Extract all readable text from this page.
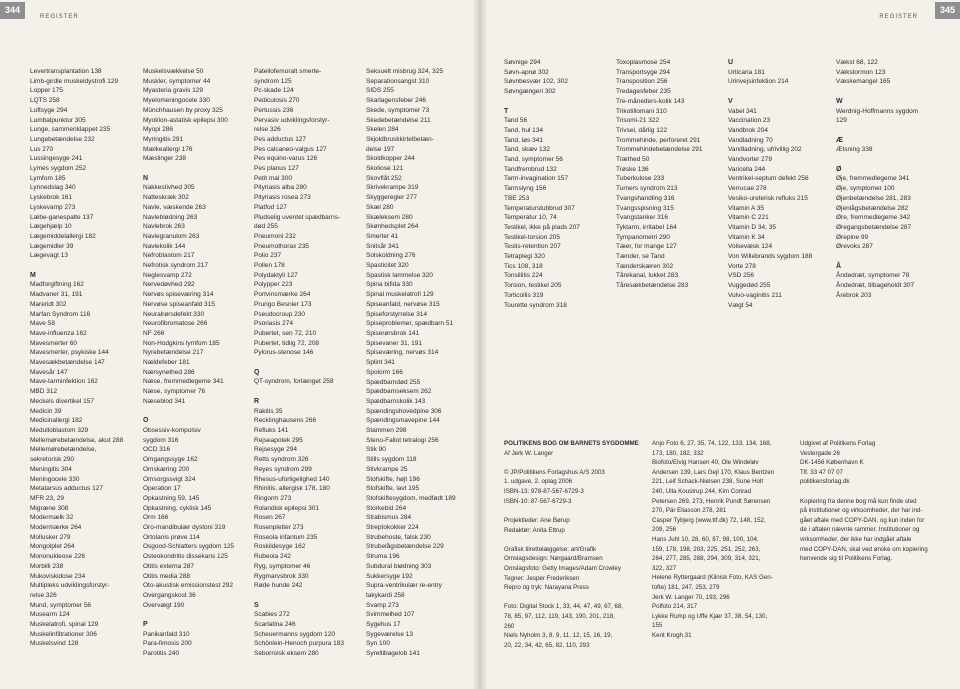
344
REGISTER
Levertransplantation 138
Limb-girdle muskeldystrofi 129
Lopper 175
LQTS 258
Luftsyge 294
Lumbalpunktur 305
Lunge, sammenklappet 235
Lungebetændelse 232
Lus 270
Lussingesyge 241
Lymes sygdom 252
Lymfom 185
Lynnedslag 340
Lyskebrok 161
Lyskevamp 273
Læbe-ganespalte 137
Lægehjælp 10
Lægemiddelallergi 182
Lægemidler 39
Lægevagt 13
M
Madforgiftning 162
Madvaner 31, 191
Mareridt 302
Marfan Syndrom 116
Mave 58
Mave-influenza 162
Mavesmerter 60
Mavesmerter, psykiske 144
Mavesækbetændelse 147
Mavesår 147
Mave-tarminfektion 162
MBD 312
Meckels divertikel 157
Medicin 39
Medicinallergi 182
Medulloblastom 329
Mellemørebetændelse, akut 288
Mellemørebetændelse,
sekretorisk 290
Meningitis 304
Meningocele 330
Metatarsus adductus 127
MFR 23, 29
Migræne 308
Modermælk 32
Modermærke 264
Mollusker 279
Mongolplet 264
Mononukleose 226
Morbilli 238
Mukoviskidose 234
Multipleks udviklingsforstyr-
relse 326
Mund, symptomer 56
Musearm 124
Muskelatrofi, spinal 129
Muskelinfiltrationer 306
Muskelsvind 128
Muskelsvækkelse 50
Muskler, symptomer 44
Myasteria gravis 129
Myelomeningocele 330
Münchhausen by proxy 325
Myoklon-astatisk epilepsi 300
Myopi 286
Myringitis 291
Mælkeallergi 176
Mæslinger 238
N
Nakkestivhed 305
Natteskræk 302
Navle, væskende 263
Navleblødning 263
Navlebrok 263
Navlegranulom 263
Navlekolik 144
Nefroblastom 217
Nefrotisk syndrom 217
Neglesvamp 272
Nervedøvhed 292
Nervøs spiseværing 314
Nervøse spiseanfald 315
Neuralrørsdefekt 330
Neurofibromatose 266
NF 266
Non-Hodgkins lymfom 185
Nyrebetændelse 217
Nældefeber 181
Nærsynethed 286
Næse, fremmedlegeme 341
Næse, symptomer 76
Næseblod 341
O
Obsessiv-kompulsiv
sygdom 316
OCD 316
Omgangssyge 162
Omskæring 200
Omsorgssvigt 324
Operation 17
Opkastning 59, 145
Opkastning, cyklisk 145
Orm 166
Oro-mandibulær dystoni 319
Ortolanis prøve 114
Osgood-Schlatters sygdom 125
Osteokondritis dissekans 125
Otitis externa 287
Otitis media 288
Oto-akustisk emissionstest 292
Overgangskost 36
Overvægt 190
P
Panikanfald 310
Para-fimosis 200
Parotitis 240
Patellofemoralt smerte-
syndrom 125
Pc-skade 124
Pediculosis 270
Pertussis 236
Pervasiv udviklingsforstyr-
relse 326
Pes adductus 127
Pes calcaneo-valgus 127
Pes equino-varus 126
Pes planus 127
Petit mal 300
Pityriasis alba 280
Pityriasis rosea 273
Platfod 127
Pludselig uventet spædbarns-
død 255
Pneumoni 232
Pneumothorax 235
Polio 237
Pollen 178
Polydaktyli 127
Polypper 223
Portvinsmærke 264
Prurigo Besnier 173
Pseudocroup 230
Psoriasis 274
Pubertet, sen 72, 210
Pubertet, tidlig 72, 208
Pylorus-stenose 146
Q
QT-syndrom, forlænget 258
R
Rakitis 35
Recklinghausens 266
Refluks 141
Rejseapotek 295
Rejsesyge 294
Retts syndrom 326
Reyes syndrom 299
Rhesus-uforligelighed 140
Rhinitis, allergisk 178, 180
Ringorm 273
Rolandisk epilepsi 301
Rosen 267
Rosenpletter 273
Roseola infantum 235
Roskildesyge 162
Rubeola 242
Ryg, symptomer 46
Rygmarvsbrok 330
Røde hunde 242
S
Scabies 272
Scarlatina 246
Scheuermanns sygdom 120
Schönlein-Henoch purpura 183
Seborroisk eksem 280
Seksuelt misbrug 324, 325
Separationsangst 310
SIDS 255
Skarlagensfeber 246
Skede, symptomer 73
Skedebetændelse 211
Skelen 284
Skjoldbruskkirtelbetæn-
delse 197
Skoldkopper 244
Skoliose 121
Skovflåt 252
Skrivekrampe 319
Skyggeregler 277
Skæl 280
Skæleksem 280
Skønhedsplet 264
Smerter 41
Snitsår 341
Solskoldning 276
Spasticitet 320
Spastisk lammelse 320
Spina bifida 330
Spinal muskelatrofi 129
Spiseanfald, nervøse 315
Spiseforstyrrelse 314
Spiseproblemer, spædbarn 51
Spiserørsbrok 141
Spisevaner 31, 191
Spiseværing, nervøs 314
Splint 341
Spolorm 166
Spædbarndød 255
Spædbarnseksem 262
Spædbarnskolik 143
Spændingshovedpine 306
Spændingsmavepine 144
Stammen 298
Steno-Fallot tetralogi 256
Stik 90
Stills sygdom 118
Stivkrampe 25
Stofskifte, højt 196
Stofskifte, lavt 195
Stofskiftesygdom, medfødt 189
Storkebid 264
Strabismus 284
Streptokokker 224
Strubehoste, falsk 230
Strubelågsbetændelse 229
Struma 196
Subdural blødning 303
Sukkersyge 192
Supra-ventrikulær re-entry
takykardi 258
Svamp 273
Svimmelhed 107
Sygehus 17
Sygeværelse 13
Syn 100
Syreltibagelob 141
345
REGISTER
Søvnige 294
Søvn-apnø 302
Søvnbesvær 102, 302
Søvngængeri 302
T
Tand 56
Tand, hul 134
Tand, løs 341
Tand, skæv 132
Tand, symptomer 56
Tandfrembrud 132
Tarm-invagination 157
Tarmslyng 156
TBE 253
Temperaturstubbrud 307
Temperatur 10, 74
Testikel, ikke på plads 207
Testikel-torsion 205
Testis-retention 207
Tetraplegi 320
Tics 108, 318
Tonsillitis 224
Torsion, testikel 205
Torticollis 319
Tourette syndrom 318
Toxoplasmose 254
Transportsyge 294
Transposition 256
Tredagesfeber 235
Tre-måneders-kolik 143
Trikotillomani 310
Trisomi-21 322
Trivsel, dårlig 122
Trommehinde, perforeret 291
Trommehindebetændelse 291
Træthed 50
Trøske 136
Tuberkulose 233
Turners syndrom 213
Tvangshandling 316
Tvangsspisning 315
Tvangstanker 316
Tyktarm, irritabel 164
Tympanometri 290
Tæer, for mange 127
Tænder, se Tand
Tænderskæren 302
Tårekanal, lukket 283
Tåresækbetændelse 283
U
Urticaria 181
Urinvejsinfektion 214
V
Vabel 341
Vaccination 23
Vandbrok 204
Vandladning 70
Vandladning, ufrivillig 202
Vandvorter 279
Varicella 244
Ventrikel-septum defekt 256
Verrucae 278
Vesiko-ureterisk refluks 215
Vitamin A 35
Vitamin C 221
Vitamin D 34, 35
Vitamin K 34
Volsevæsk 124
Von Willebrands sygdom 188
Vorte 278
VSD 256
Vuggedød 255
Vulvo-vaginitis 211
Vægt 54
Vækst 68, 122
Vækstormon 123
Væskemangel 165
W
Werdnig-Hoffmanns sygdom
129
Æ
Ætsning 338
Ø
Øje, fremmedlegeme 341
Øje, symptomer 100
Øjenbetændelse 281, 283
Øjenlågsbetændelse 282
Øre, fremmedlegeme 342
Øregangsbetændelse 287
Ørepine 99
Ørevoks 287
Å
Åndedræt, symptomer 78
Åndedræt, tilbageholdt 307
Årebrok 203
POLITIKENS BOG OM BARNETS SYGDOMME
Af Jerk W. Langer
© JP/Politikens Forlagshus A/S 2003
1. udgave, 2. oplag 2006
ISBN-13: 978-87-567-6729-3
ISBN-10: 87-567-6729-3
Projektleder: Ane Børup
Redaktør: Anita Ettrup
Grafisk tilrettelæggelse: art/Grafik
Omslagsdesign: Nørgaard/Bramsen
Omslagsfoto: Getty Images/Adam Crowley
Tegner: Jesper Frederiksen
Repro og tryk: Narayana Press
Foto: Digital Stock 1, 33, 44, 47, 49, 67, 68,
78, 85, 97, 112, 119, 143, 190, 201, 218,
260
Niels Nyholm 3, 8, 9, 11, 12, 15, 16, 19,
20, 22, 34, 42, 65, 82, 110, 293
Anjo Foto 6, 27, 35, 74, 122, 133, 134, 168,
173, 180, 182, 332
Biofoto/Elvig Hansen 40, Ole Windeløv
Andersen 139, Lars Gejl 170, Klaus Bentzen
221, Leif Schack-Nielsen 238, Sune Holt
240, Ulla Koustrup 244, Kim Conrad
Petersen 269, 273, Henrik Pundt Sørensen
270, Pär Eliasson 278, 281
Casper Tybjerg (www.ttf.dk) 72, 148, 152,
209, 256
Hans Juhl 10, 28, 60, 87, 98, 100, 104,
159, 178, 198, 203, 225, 251, 252, 263,
264, 277, 285, 288, 294, 309, 314, 321,
322, 327
Helene Ryttergaard (Klinisk Foto, KAS Gen-
tofte) 181, 247, 253, 279
Jerk W. Langer 70, 193, 296
Polfoto 214, 317
Lykke Rump og Uffe Kjær 37, 38, 54, 130,
155
Kent Krogh 31
Udgivet af Politikens Forlag
Vestergade 26
DK-1456 København K
Tlf. 33 47 07 07
politikensforlag.dk
Kopiering fra denne bog må kun finde sted
på institutioner og virksomheder, der har ind-
gået aftale med COPY-DAN, og kun inden for
de i aftalen nævnte rammer. Institutioner og
virksomheder, der ikke har indgået aftale
med COPY-DAN, skal ved ønske om kopiering
henvende sig til Politikens Forlag.
